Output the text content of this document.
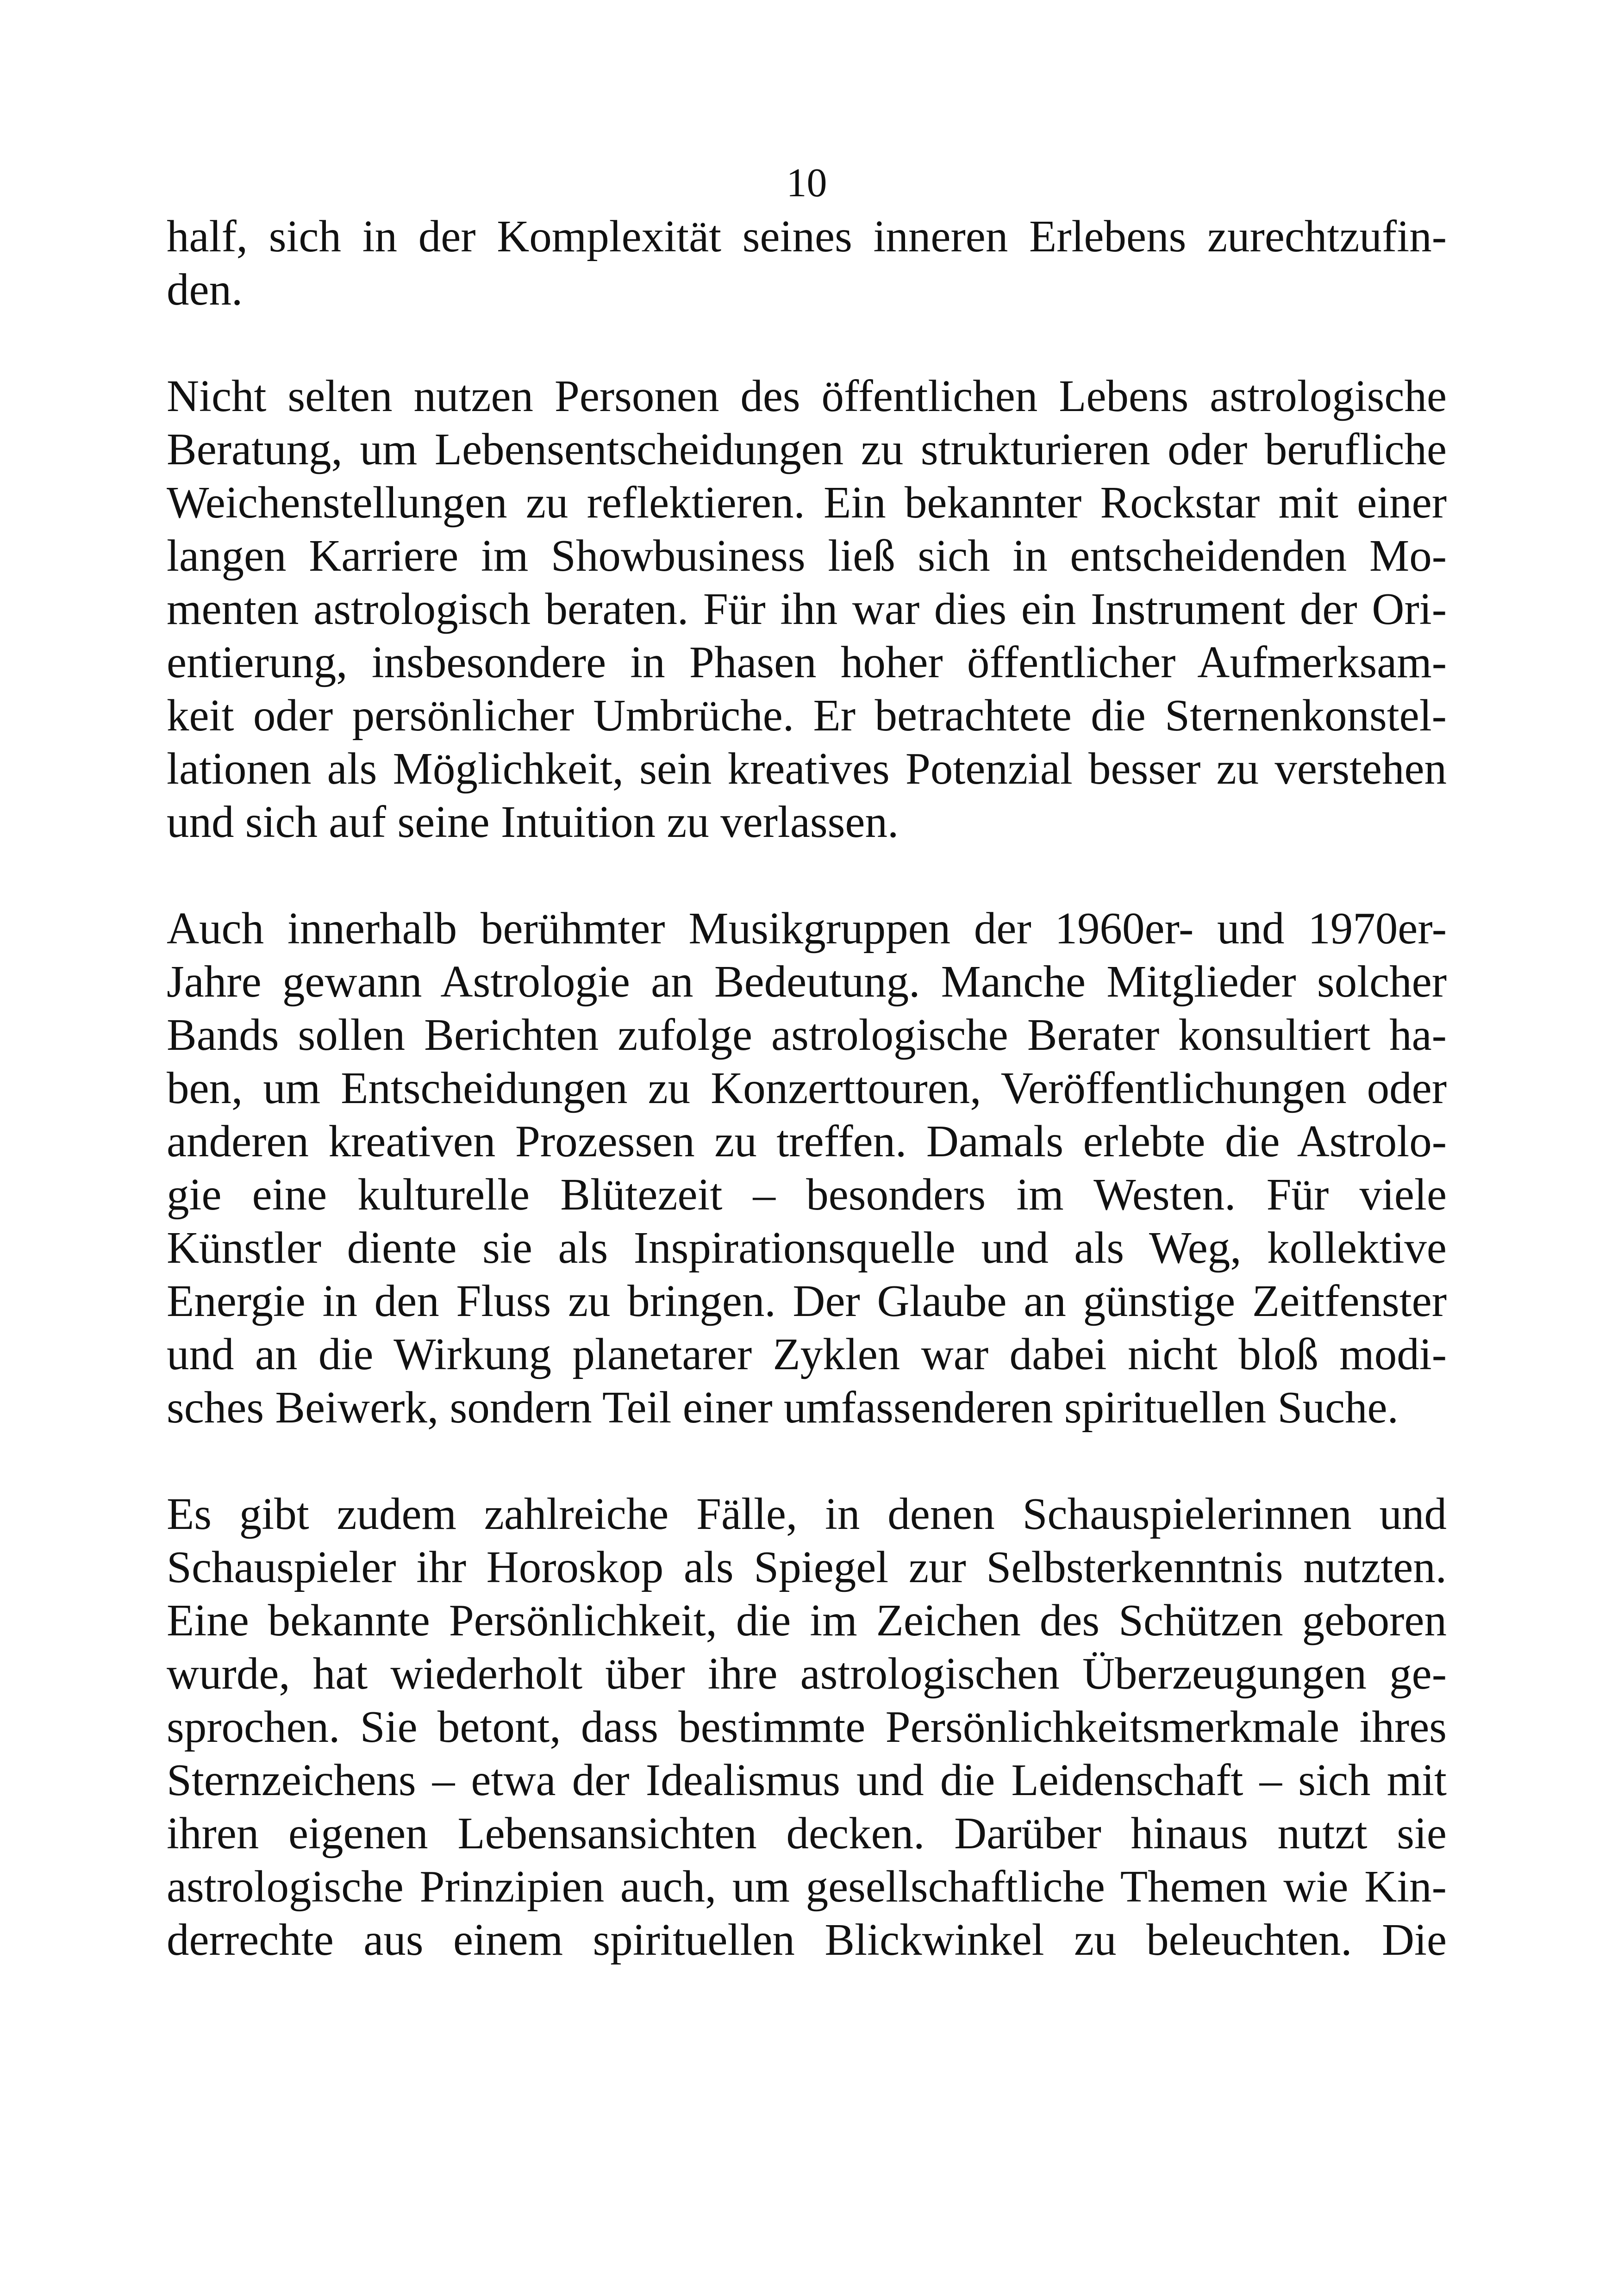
10
half, sich in der Komplexität seines inneren Erlebens zurechtzufin-
den.
Nicht selten nutzen Personen des öffentlichen Lebens astrologische
Beratung, um Lebensentscheidungen zu strukturieren oder berufliche
Weichenstellungen zu reflektieren. Ein bekannter Rockstar mit einer
langen Karriere im Showbusiness ließ sich in entscheidenden Mo-
menten astrologisch beraten. Für ihn war dies ein Instrument der Ori-
entierung, insbesondere in Phasen hoher öffentlicher Aufmerksam-
keit oder persönlicher Umbrüche. Er betrachtete die Sternenkonstel-
lationen als Möglichkeit, sein kreatives Potenzial besser zu verstehen
und sich auf seine Intuition zu verlassen.
Auch innerhalb berühmter Musikgruppen der 1960er- und 1970er-
Jahre gewann Astrologie an Bedeutung. Manche Mitglieder solcher
Bands sollen Berichten zufolge astrologische Berater konsultiert ha-
ben, um Entscheidungen zu Konzerttouren, Veröffentlichungen oder
anderen kreativen Prozessen zu treffen. Damals erlebte die Astrolo-
gie eine kulturelle Blütezeit – besonders im Westen. Für viele
Künstler diente sie als Inspirationsquelle und als Weg, kollektive
Energie in den Fluss zu bringen. Der Glaube an günstige Zeitfenster
und an die Wirkung planetarer Zyklen war dabei nicht bloß modi-
sches Beiwerk, sondern Teil einer umfassenderen spirituellen Suche.
Es gibt zudem zahlreiche Fälle, in denen Schauspielerinnen und
Schauspieler ihr Horoskop als Spiegel zur Selbsterkenntnis nutzten.
Eine bekannte Persönlichkeit, die im Zeichen des Schützen geboren
wurde, hat wiederholt über ihre astrologischen Überzeugungen ge-
sprochen. Sie betont, dass bestimmte Persönlichkeitsmerkmale ihres
Sternzeichens – etwa der Idealismus und die Leidenschaft – sich mit
ihren eigenen Lebensansichten decken. Darüber hinaus nutzt sie
astrologische Prinzipien auch, um gesellschaftliche Themen wie Kin-
derrechte aus einem spirituellen Blickwinkel zu beleuchten. Die
